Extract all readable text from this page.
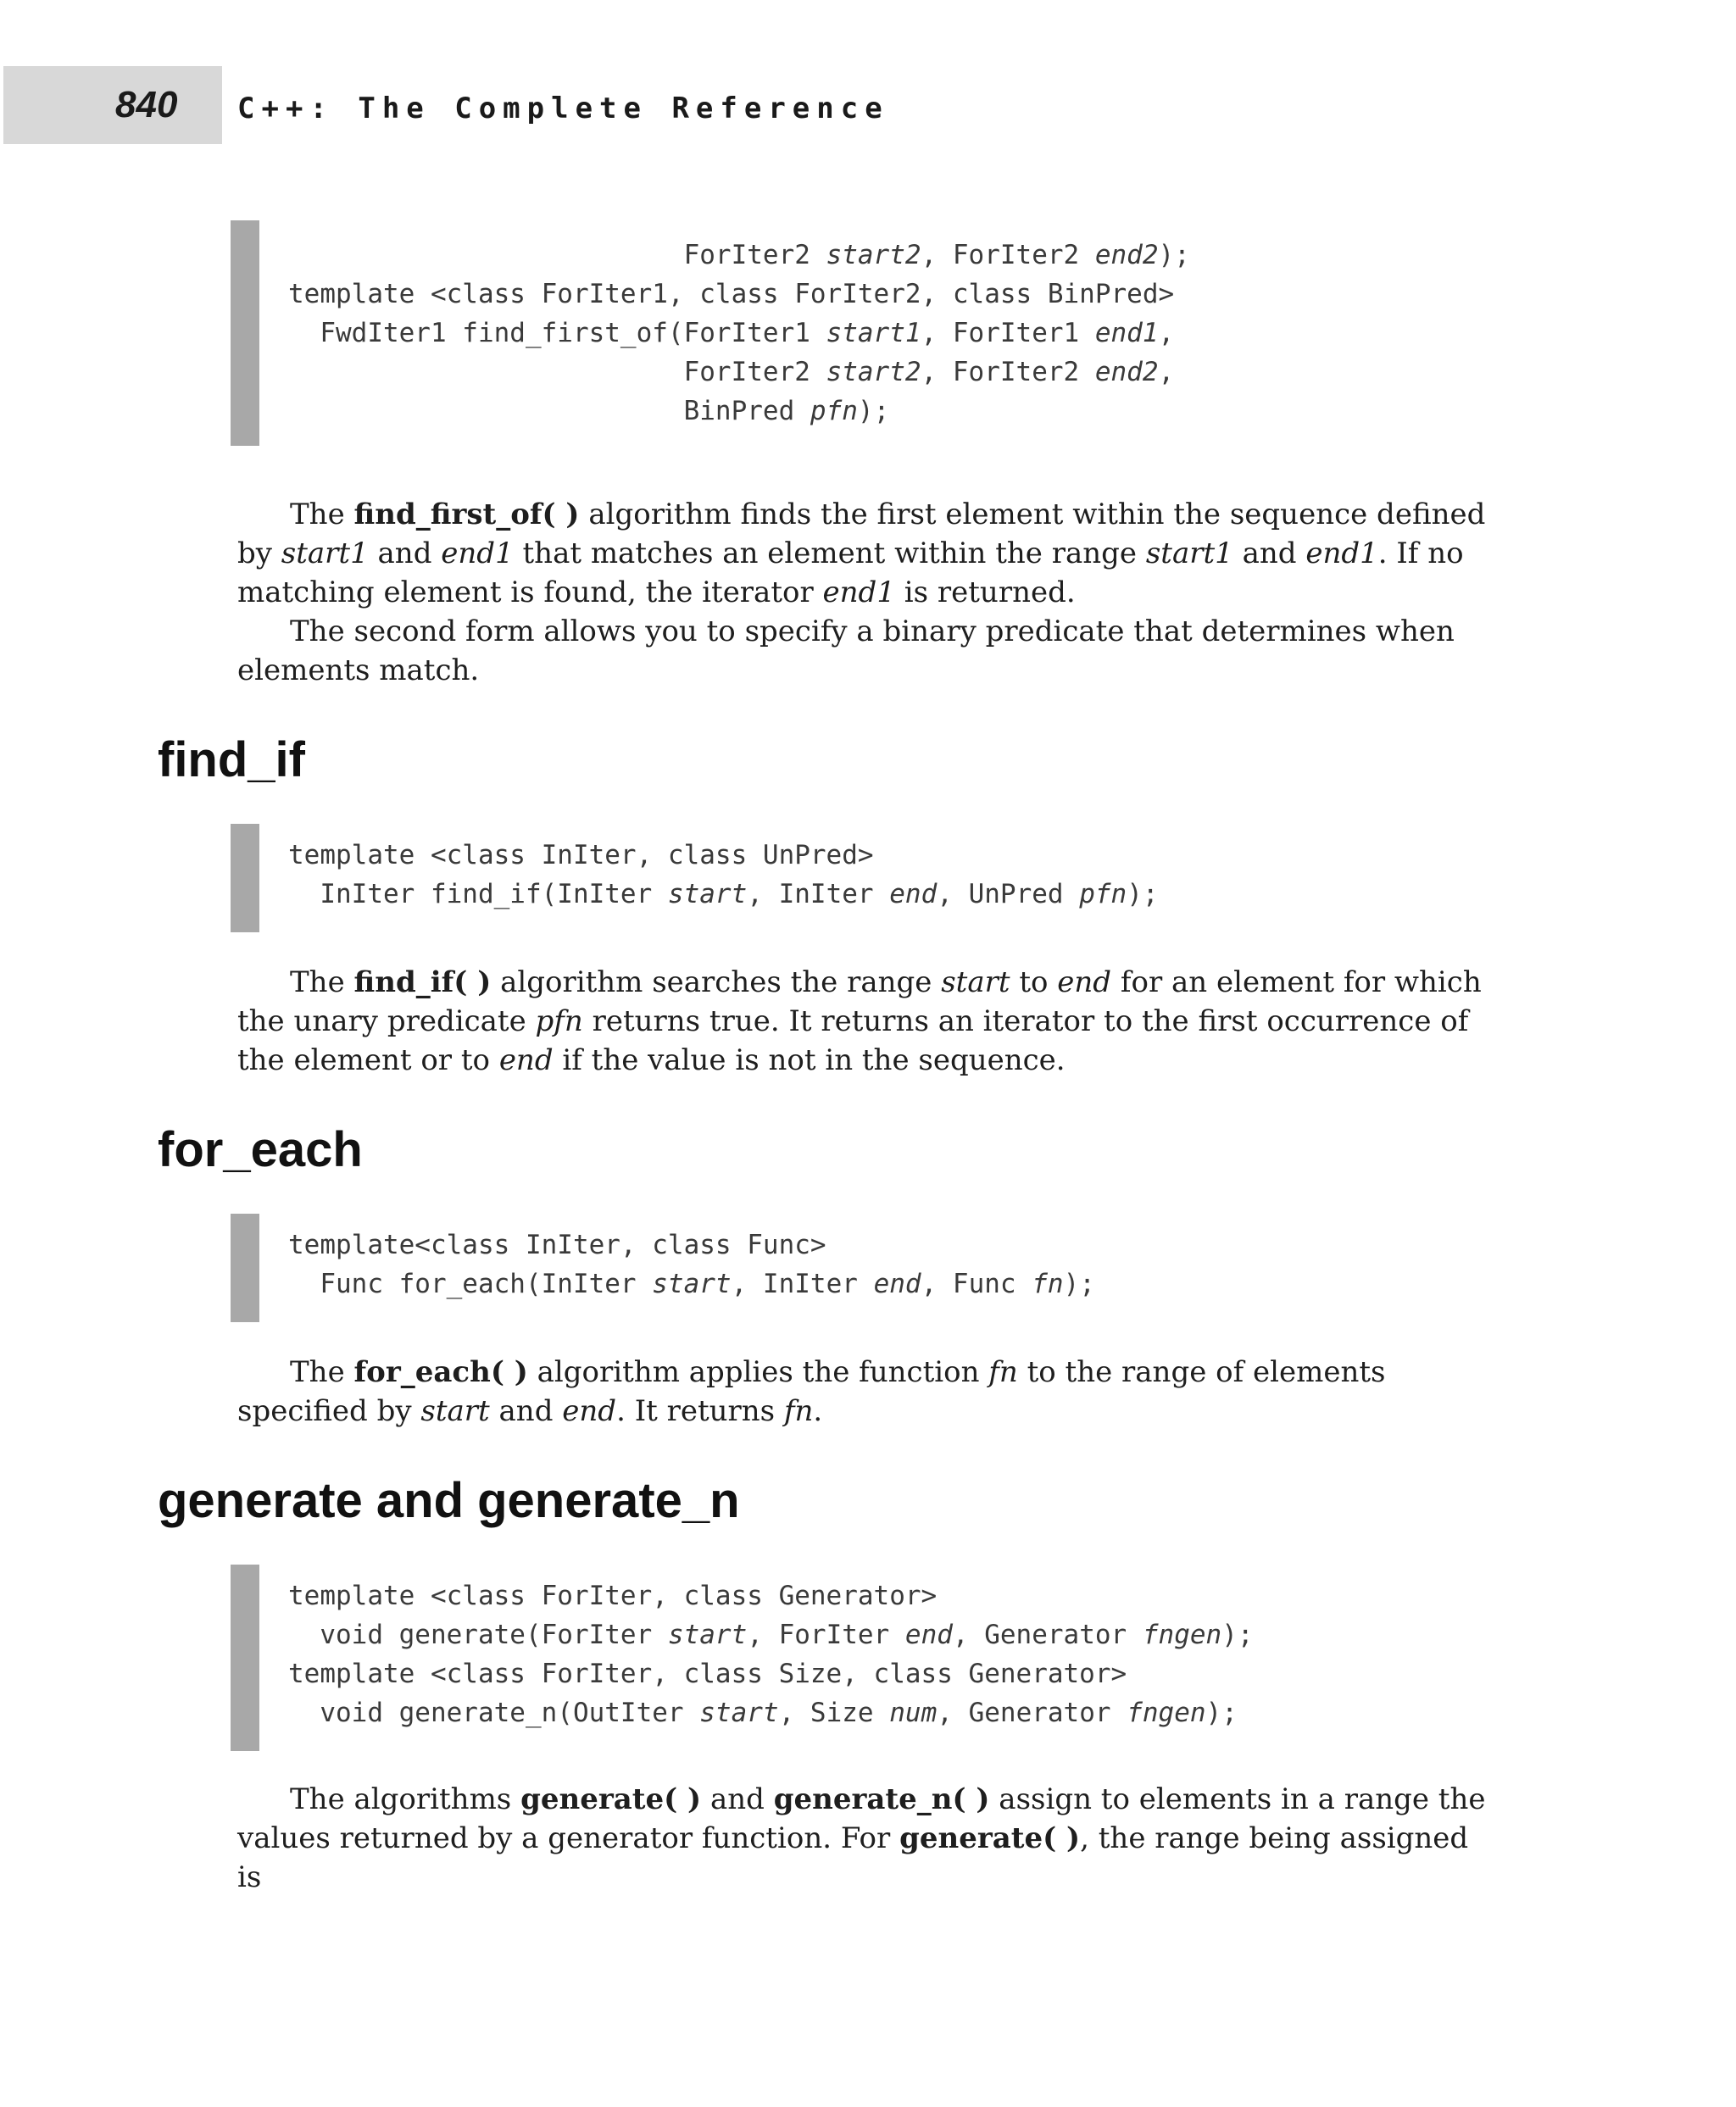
840 C++: The Complete Reference
ForIter2 start2, ForIter2 end2);
template <class ForIter1, class ForIter2, class BinPred>
FwdIter1 find_first_of(ForIter1 start1, ForIter1 end1,
ForIter2 start2, ForIter2 end2,
BinPred pfn);

The find_first_of( ) algorithm finds the first element within the sequence defined by start1 and end1 that matches an element within the range start1 and end1. If no matching element is found, the iterator end1 is returned.

The second form allows you to specify a binary predicate that determines when elements match.

find_if
template <class InIter, class UnPred>
InIter find_if(InIter start, InIter end, UnPred pfn);

The find_if( ) algorithm searches the range start to end for an element for which the unary predicate pfn returns true. It returns an iterator to the first occurrence of the element or to end if the value is not in the sequence.

for_each
template<class InIter, class Func>
Func for_each(InIter start, InIter end, Func fn);

The for_each( ) algorithm applies the function fn to the range of elements specified by start and end. It returns fn.

generate and generate_n
template <class ForIter, class Generator>
void generate(ForIter start, ForIter end, Generator fngen);
template <class ForIter, class Size, class Generator>
void generate_n(OutIter start, Size num, Generator fngen);

The algorithms generate( ) and generate_n( ) assign to elements in a range the values returned by a generator function. For generate( ), the range being assigned is
